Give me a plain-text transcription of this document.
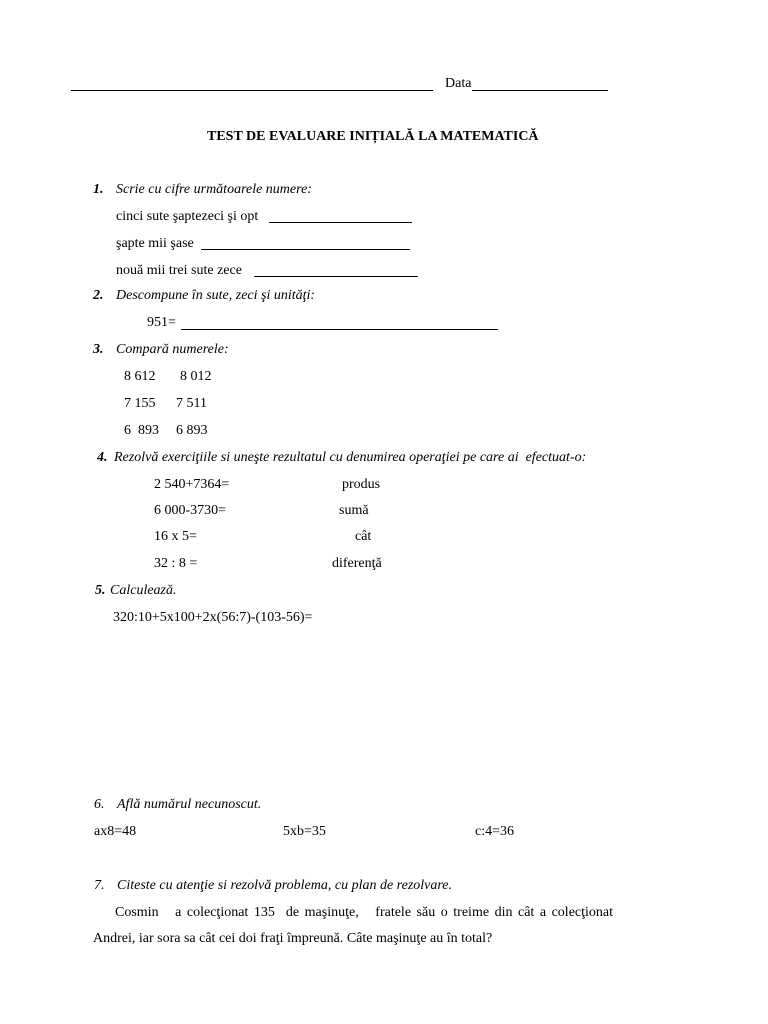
Data
TEST DE EVALUARE INIȚIALĂ LA MATEMATICĂ
1. Scrie cu cifre următoarele numere:
cinci sute şaptezeci şi opt
şapte mii şase
nouă mii trei sute zece
2. Descompune în sute, zeci şi unităţi:
951=
3. Compară numerele:
8 612 8 012
7 155 7 511
6  893 6 893
4. Rezolvă exerciţiile si uneşte rezultatul cu denumirea operaţiei pe care ai  efectuat-o:
2 540+7364=	produs
6 000-3730=	sumă
16 x 5=	cât
32 : 8 =	diferenţă
5. Calculează.
320:10+5x100+2x(56:7)-(103-56)=
6. Află numărul necunoscut.
ax8=48	5xb=35	c:4=36
7. Citeste cu atenţie si rezolvă problema, cu plan de rezolvare.
Cosmin   a colecţionat 135  de maşinuţe,   fratele său o treime din cât a colecţionat Andrei, iar sora sa cât cei doi fraţi împreună. Câte maşinuţe au în total?
